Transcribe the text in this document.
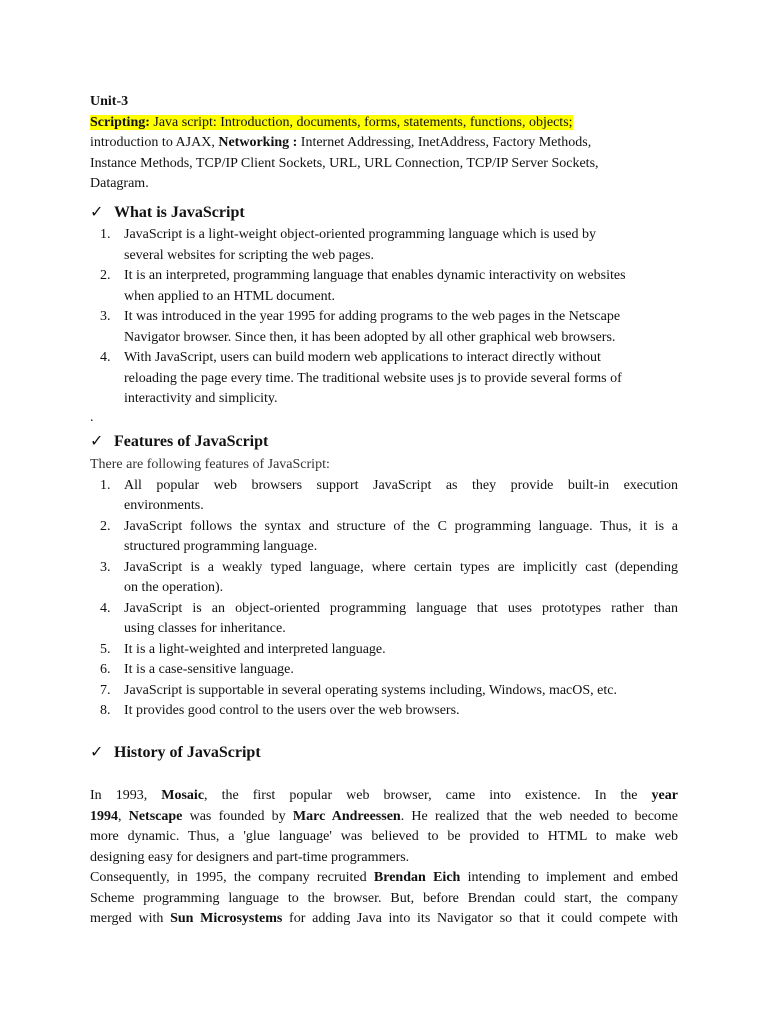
Unit-3
Scripting: Java script: Introduction, documents, forms, statements, functions, objects;
introduction to AJAX, Networking : Internet Addressing, InetAddress, Factory Methods,
Instance Methods, TCP/IP Client Sockets, URL, URL Connection, TCP/IP Server Sockets,
Datagram.
✓ What is JavaScript
1. JavaScript is a light-weight object-oriented programming language which is used by
several websites for scripting the web pages.
2. It is an interpreted, programming language that enables dynamic interactivity on websites
when applied to an HTML document.
3. It was introduced in the year 1995 for adding programs to the web pages in the Netscape
Navigator browser. Since then, it has been adopted by all other graphical web browsers.
4. With JavaScript, users can build modern web applications to interact directly without
reloading the page every time. The traditional website uses js to provide several forms of
interactivity and simplicity.
.
✓ Features of JavaScript
There are following features of JavaScript:
1. All popular web browsers support JavaScript as they provide built-in execution
environments.
2. JavaScript follows the syntax and structure of the C programming language. Thus, it is a
structured programming language.
3. JavaScript is a weakly typed language, where certain types are implicitly cast (depending
on the operation).
4. JavaScript is an object-oriented programming language that uses prototypes rather than
using classes for inheritance.
5. It is a light-weighted and interpreted language.
6. It is a case-sensitive language.
7. JavaScript is supportable in several operating systems including, Windows, macOS, etc.
8. It provides good control to the users over the web browsers.
✓ History of JavaScript
In 1993, Mosaic, the first popular web browser, came into existence. In the year
1994, Netscape was founded by Marc Andreessen. He realized that the web needed to become
more dynamic. Thus, a 'glue language' was believed to be provided to HTML to make web
designing easy for designers and part-time programmers.
Consequently, in 1995, the company recruited Brendan Eich intending to implement and embed
Scheme programming language to the browser. But, before Brendan could start, the company
merged with Sun Microsystems for adding Java into its Navigator so that it could compete with
